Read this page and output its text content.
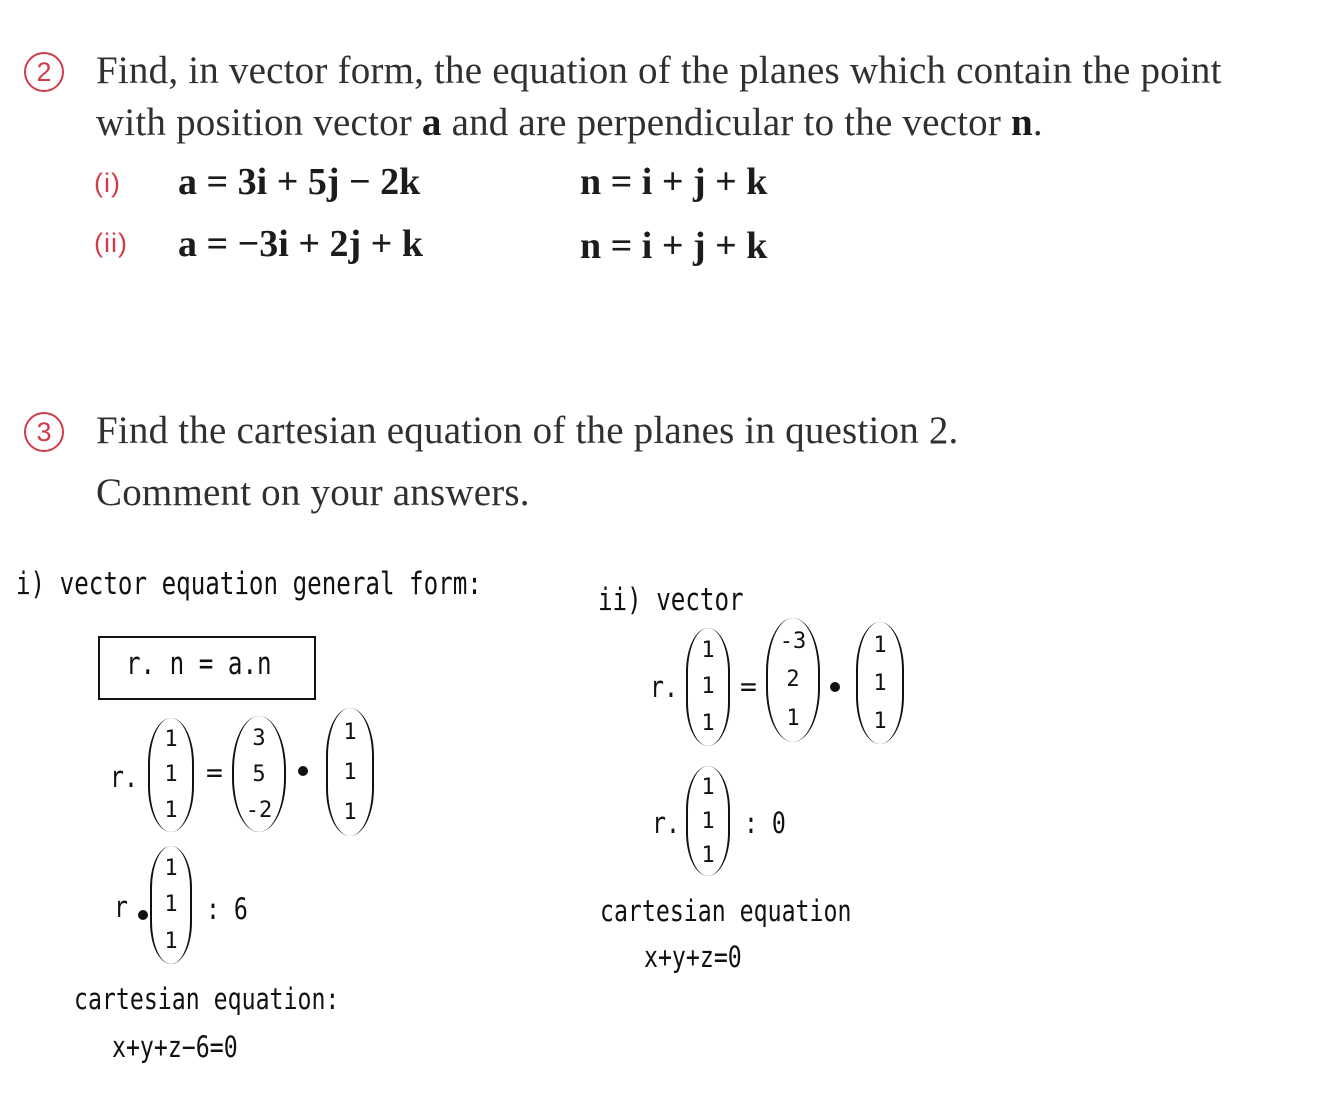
2 Find, in vector form, the equation of the planes which contain the point
with position vector a and are perpendicular to the vector n.
(i) a = 3i + 5j − 2k	n = i + j + k
(ii) a = −3i + 2j + k	n = i + j + k
3 Find the cartesian equation of the planes in question 2.
Comment on your answers.
i) vector equation general form:
r. n = a.n
r.
1
1
1
=
3
5
-2
1
1
1
r
1
1
1
: 6
cartesian equation:
x+y+z−6=0
ii) vector
r.
1
1
1
=
-3
2
1
1
1
1
r.
1
1
1
: 0
cartesian equation
x+y+z=0
